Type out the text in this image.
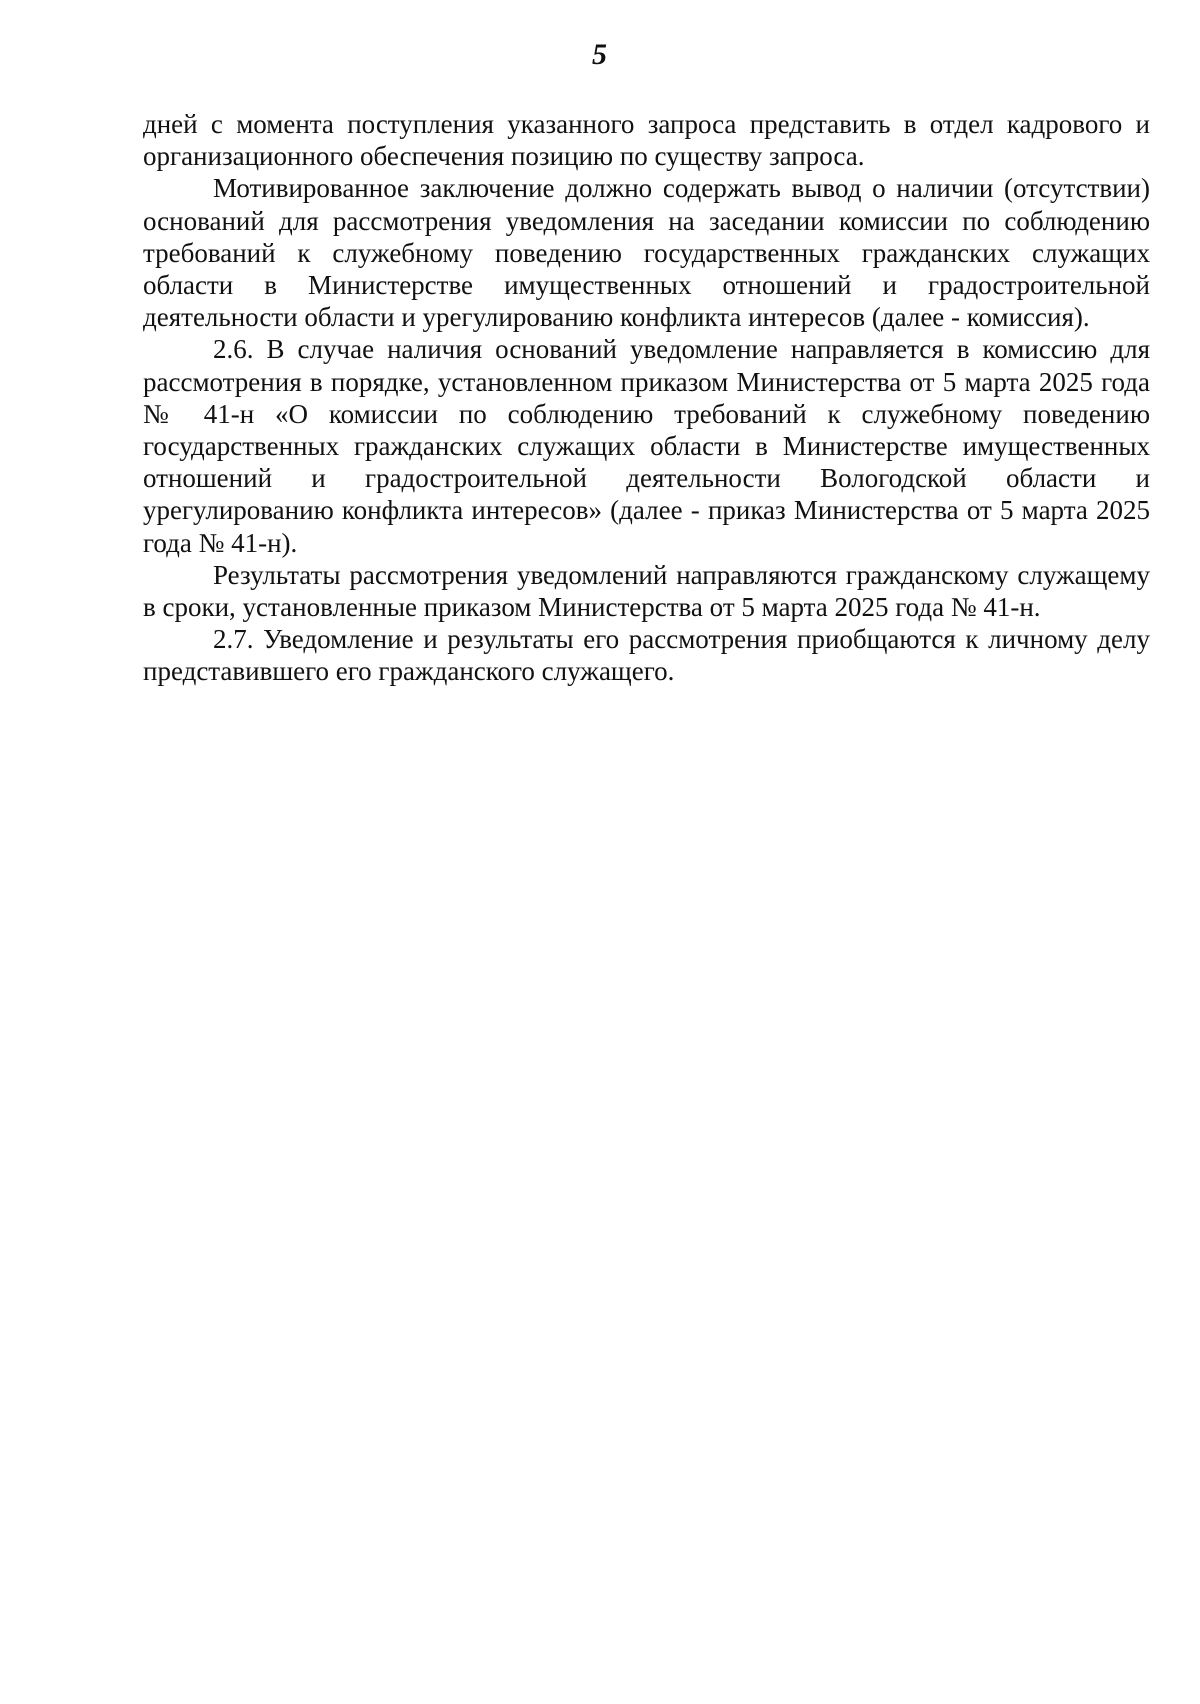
5

дней с момента поступления указанного запроса представить в отдел кадрового и организационного обеспечения позицию по существу запроса.

Мотивированное заключение должно содержать вывод о наличии (отсутствии) оснований для рассмотрения уведомления на заседании комиссии по соблюдению требований к служебному поведению государственных гражданских служащих области в Министерстве имущественных отношений и градостроительной деятельности области и урегулированию конфликта интересов (далее - комиссия).

2.6. В случае наличия оснований уведомление направляется в комиссию для рассмотрения в порядке, установленном приказом Министерства от 5 марта 2025 года № 41-н «О комиссии по соблюдению требований к служебному поведению государственных гражданских служащих области в Министерстве имущественных отношений и градостроительной деятельности Вологодской области и урегулированию конфликта интересов» (далее - приказ Министерства от 5 марта 2025 года № 41-н).

Результаты рассмотрения уведомлений направляются гражданскому служащему в сроки, установленные приказом Министерства от 5 марта 2025 года № 41-н.

2.7. Уведомление и результаты его рассмотрения приобщаются к личному делу представившего его гражданского служащего.
